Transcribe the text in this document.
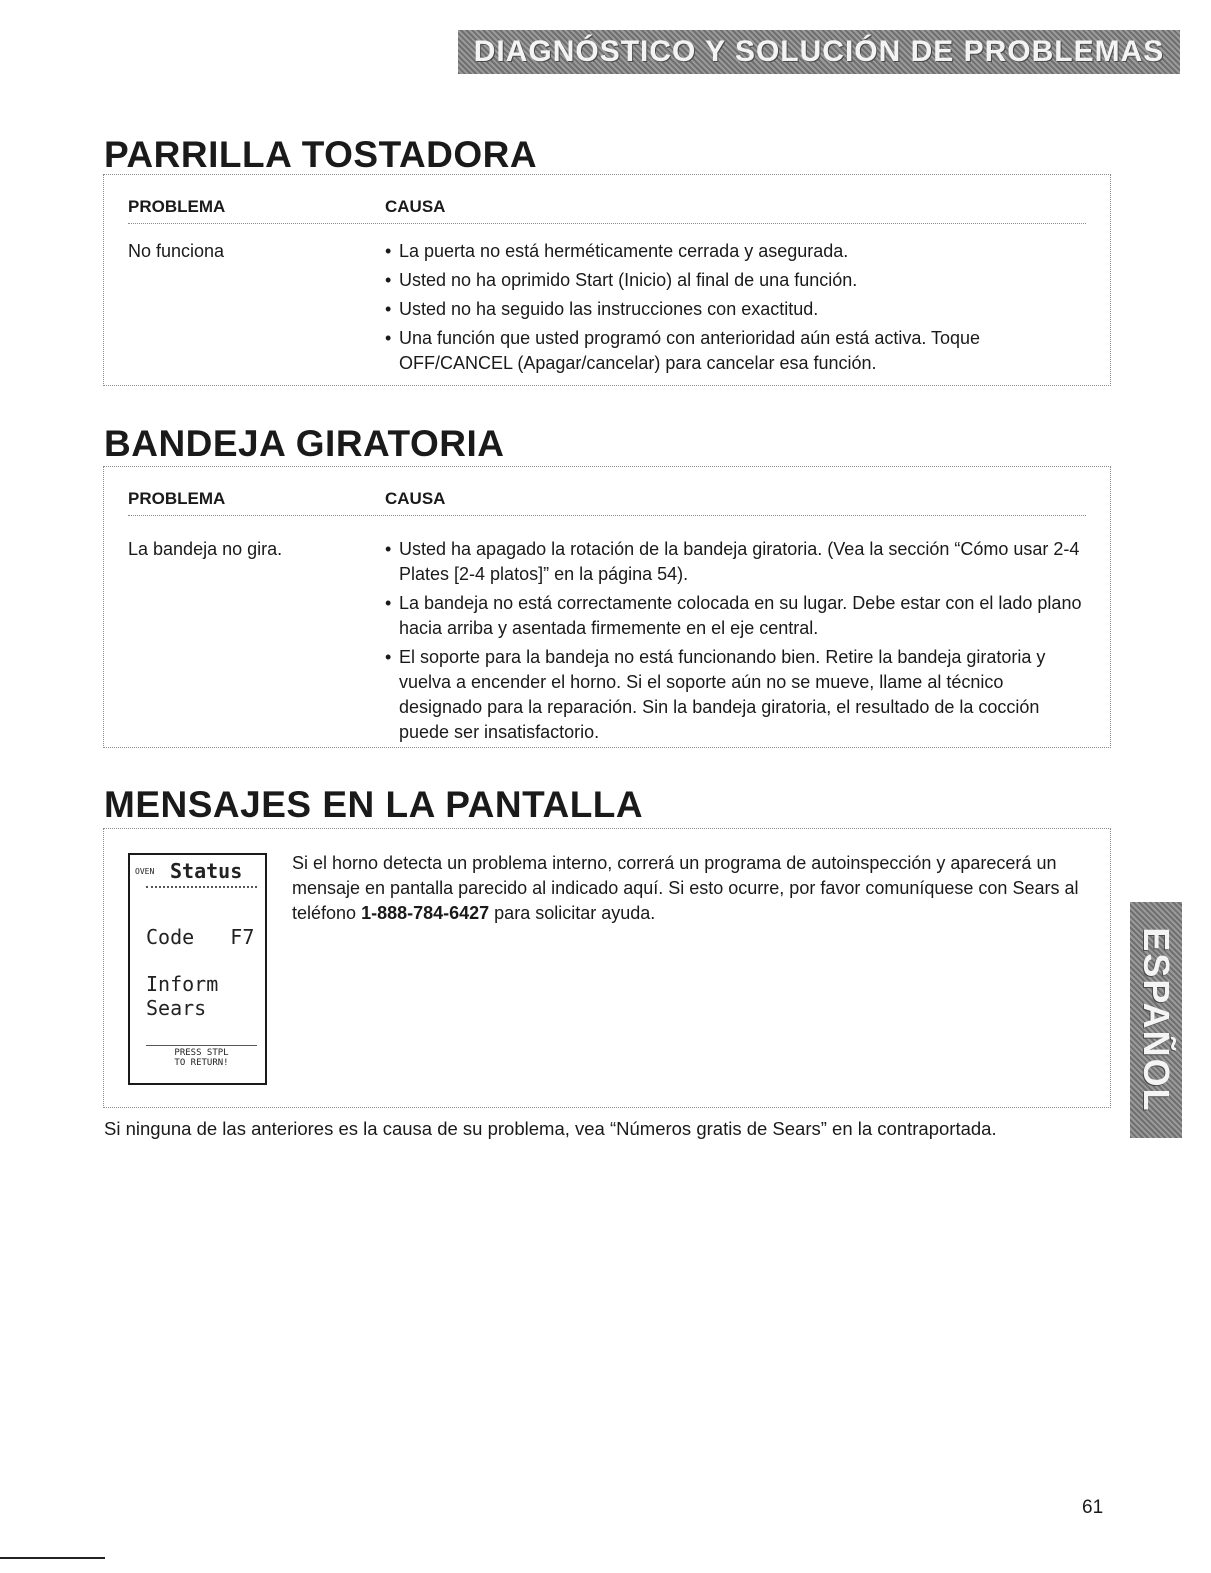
DIAGNÓSTICO Y SOLUCIÓN DE PROBLEMAS
PARRILLA TOSTADORA
PROBLEMA	CAUSA
No funciona	• La puerta no está herméticamente cerrada y asegurada.
• Usted no ha oprimido Start (Inicio) al final de una función.
• Usted no ha seguido las instrucciones con exactitud.
• Una función que usted programó con anterioridad aún está activa. Toque OFF/CANCEL (Apagar/cancelar) para cancelar esa función.
BANDEJA GIRATORIA
PROBLEMA	CAUSA
La bandeja no gira.	• Usted ha apagado la rotación de la bandeja giratoria. (Vea la sección “Cómo usar 2-4 Plates [2-4 platos]” en la página 54).
• La bandeja no está correctamente colocada en su lugar. Debe estar con el lado plano hacia arriba y asentada firmemente en el eje central.
• El soporte para la bandeja no está funcionando bien. Retire la bandeja giratoria y vuelva a encender el horno. Si el soporte aún no se mueve, llame al técnico designado para la reparación. Sin la bandeja giratoria, el resultado de la cocción puede ser insatisfactorio.
MENSAJES EN LA PANTALLA
OVEN Status
Code   F7
Inform
Sears
PRESS STPL
TO RETURN!
Si el horno detecta un problema interno, correrá un programa de autoinspección y aparecerá un mensaje en pantalla parecido al indicado aquí. Si esto ocurre, por favor comuníquese con Sears al teléfono 1-888-784-6427 para solicitar ayuda.
Si ninguna de las anteriores es la causa de su problema, vea “Números gratis de Sears” en la contraportada.
ESPAÑOL
61
